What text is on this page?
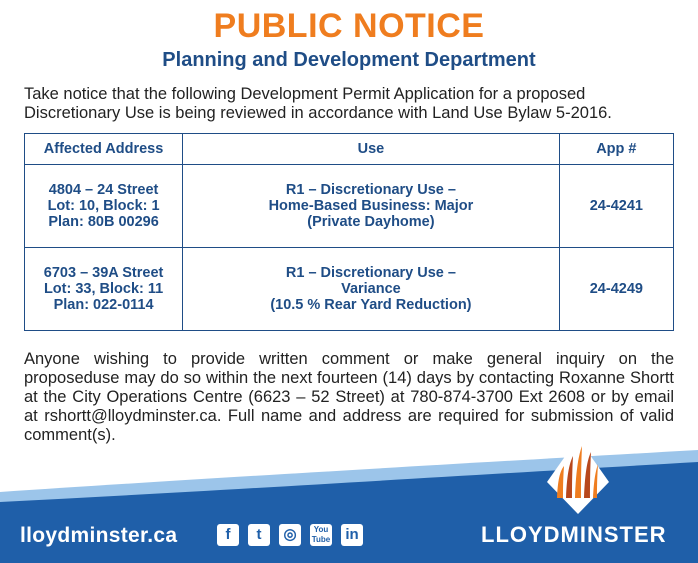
PUBLIC NOTICE
Planning and Development Department
Take notice that the following Development Permit Application for a proposed
Discretionary Use is being reviewed in accordance with Land Use Bylaw 5-2016.
Affected Address	Use	App #

4804 – 24 Street
Lot: 10, Block: 1
Plan: 80B 00296	R1 – Discretionary Use –
Home-Based Business: Major
(Private Dayhome)	24-4241

6703 – 39A Street
Lot: 33, Block: 11
Plan: 022-0114	R1 – Discretionary Use –
Variance
(10.5 % Rear Yard Reduction)	24-4249
Anyone wishing to provide written comment or make general inquiry on the
proposeduse may do so within the next fourteen (14) days by contacting Roxanne Shortt
at the City Operations Centre (6623 – 52 Street) at 780-874-3700 Ext 2608 or by email
at rshortt@lloydminster.ca. Full name and address are required for submission of valid
comment(s).
lloydminster.ca	f	t	◎	You Tube in	LLOYDMINSTER
